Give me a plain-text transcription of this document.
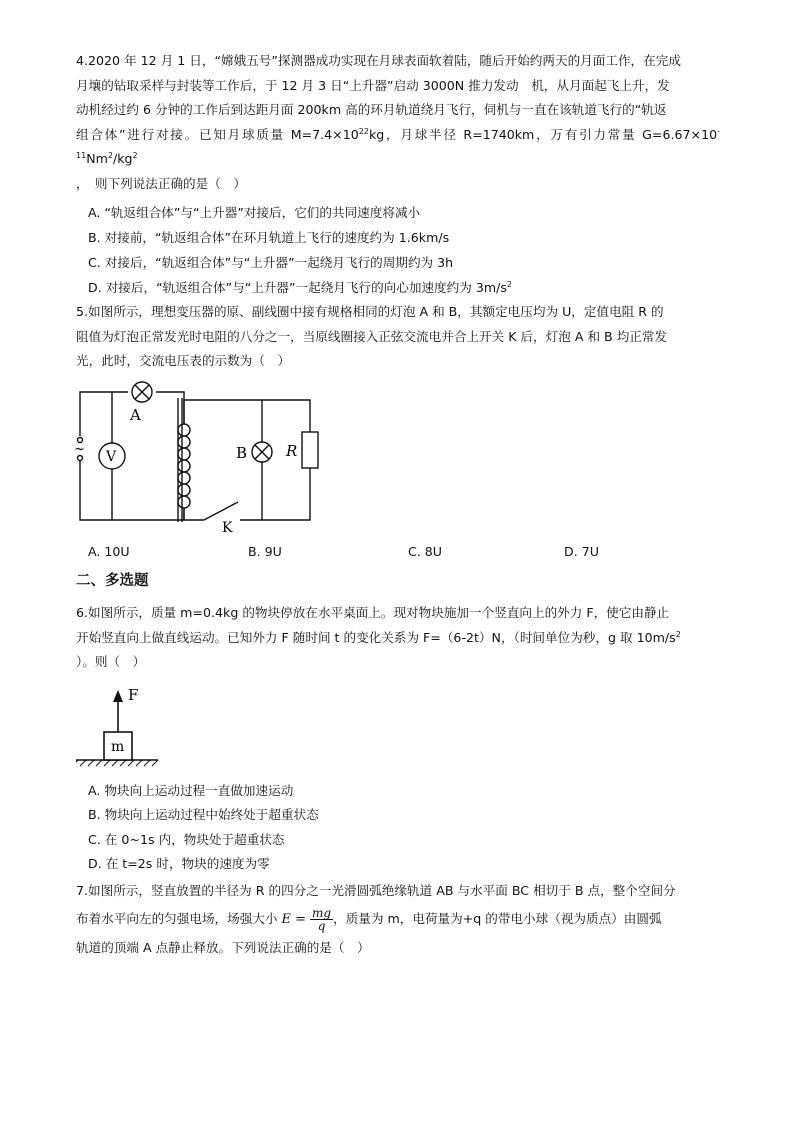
4.2020 年 12 月 1 日，“嫦娥五号”探测器成功实现在月球表面软着陆，随后开始约两天的月面工作，在完成
月壤的钻取采样与封装等工作后，于 12 月 3 日“上升器”启动 3000N 推力发动　机，从月面起飞上升，发
动机经过约 6 分钟的工作后到达距月面 200km 高的环月轨道绕月飞行，伺机与一直在该轨道飞行的“轨返
组合体”进行对接。已知月球质量 $M=7.4\times 10^{22}kg$，月球半径 R=1740km，万有引力常量 $G=6.67\times 10^{-11}Nm^2/kg^2$
，　则下列说法正确的是（　）

A. “轨返组合体”与“上升器”对接后，它们的共同速度将减小

B. 对接前，“轨返组合体”在环月轨道上飞行的速度约为 1.6km/s

C. 对接后，“轨返组合体”与“上升器”一起绕月飞行的周期约为 3h

D. 对接后，“轨返组合体”与“上升器”一起绕月飞行的向心加速度约为 $3m/s^2$

5.如图所示，理想变压器的原、副线圈中接有规格相同的灯泡 A 和 B，其额定电压均为 U，定值电阻 R 的
阻值为灯泡正常发光时电阻的八分之一，当原线圈接入正弦交流电并合上开关 K 后，灯泡 A 和 B 均正常发
光，此时，交流电压表的示数为（　）

A
B	R
V
K
~
A. 10U	B. 9U	C. 8U	D. 7U

二、多选题

6.如图所示，质量 m=0.4kg 的物块停放在水平桌面上。现对物块施加一个竖直向上的外力 F，使它由静止
开始竖直向上做直线运动。已知外力 F 随时间 t 的变化关系为 F=（6-2t）N，（时间单位为秒，g 取 $10m/s^2$
）。则（　）

F
m

A. 物块向上运动过程一直做加速运动

B. 物块向上运动过程中始终处于超重状态

C. 在 0~1s 内，物块处于超重状态

D. 在 t=2s 时，物块的速度为零

7.如图所示，竖直放置的半径为 R 的四分之一光滑圆弧绝缘轨道 AB 与水平面 BC 相切于 B 点，整个空间分
布着水平向左的匀强电场，场强大小 $E = \frac{mg}{q}$ ，质量为 m，电荷量为+q 的带电小球（视为质点）由圆弧
轨道的顶端 A 点静止释放。下列说法正确的是（　）
